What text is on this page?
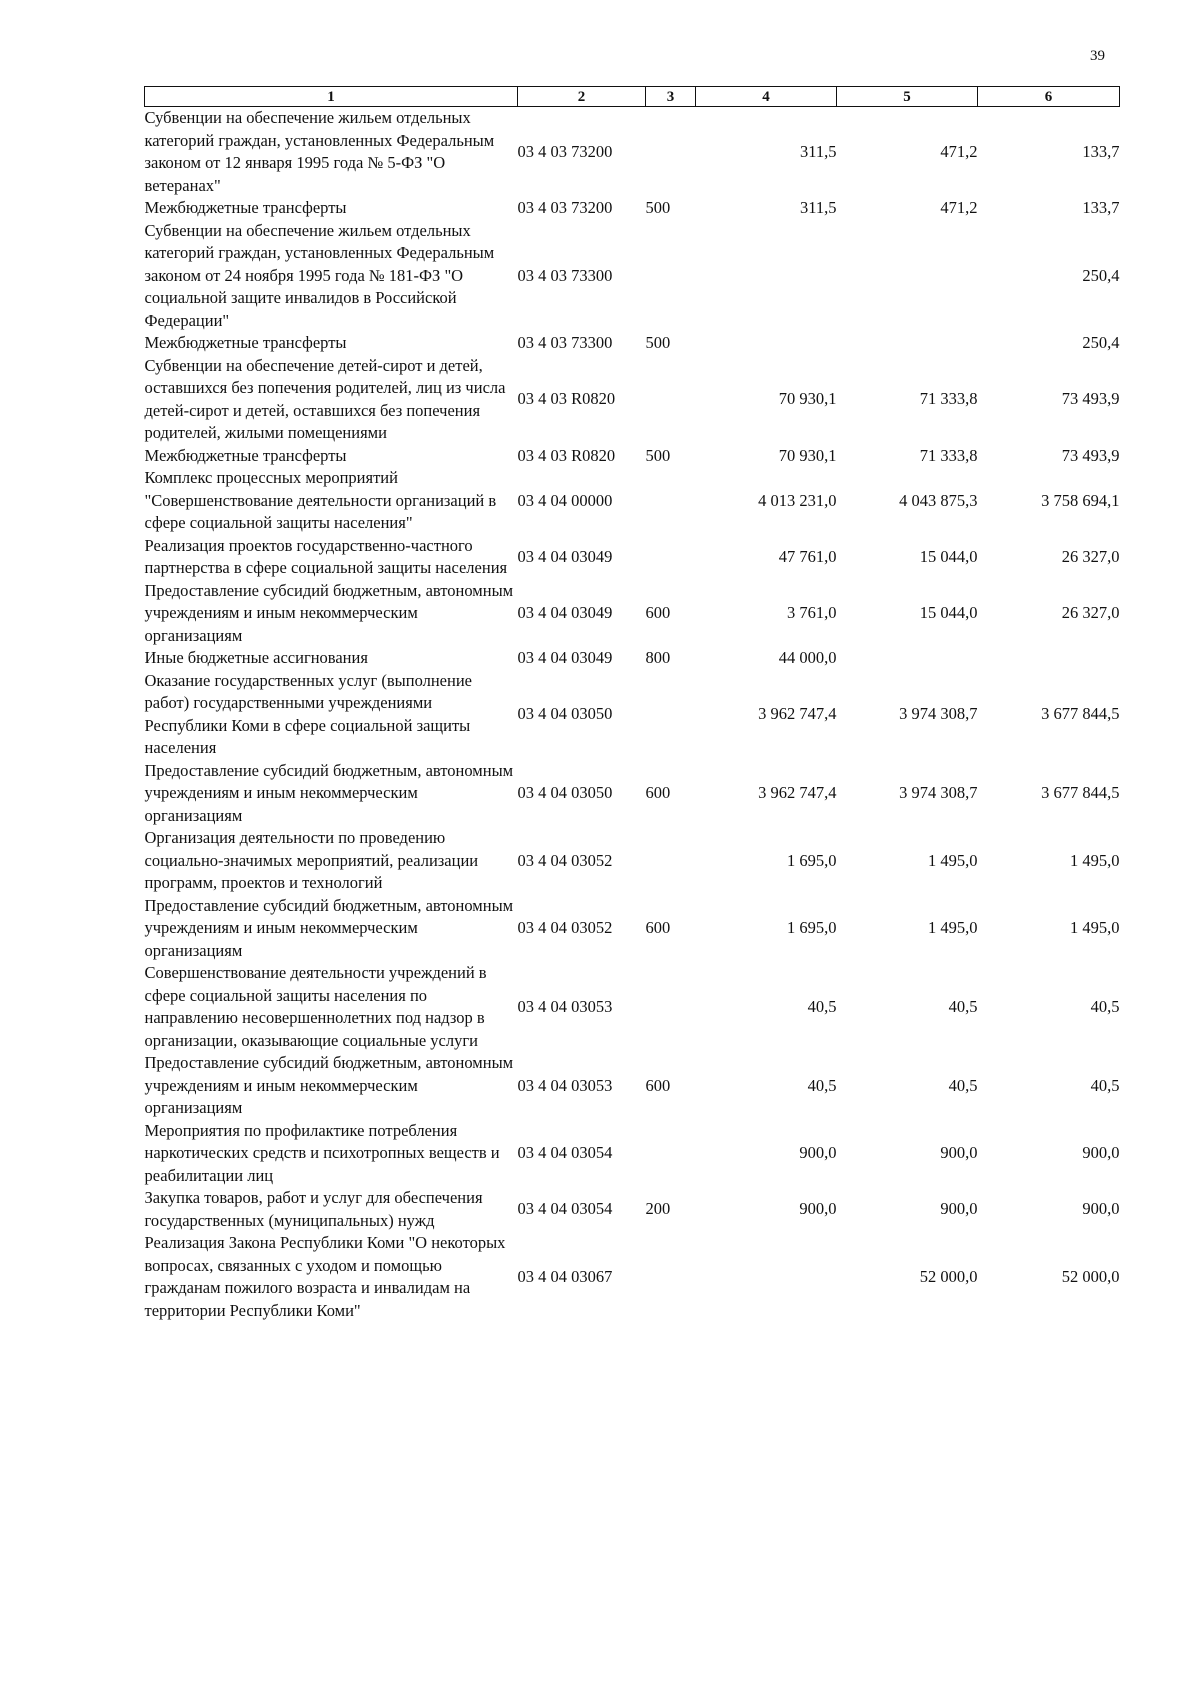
39
1	2	3	4	5	6
Субвенции на обеспечение жильем отдельных категорий граждан, установленных Федеральным законом от 12 января 1995 года № 5-ФЗ "О ветеранах"	03 4 03 73200		311,5	471,2	133,7
Межбюджетные трансферты	03 4 03 73200	500	311,5	471,2	133,7
Субвенции на обеспечение жильем отдельных категорий граждан, установленных Федеральным законом от 24 ноября 1995 года № 181-ФЗ "О социальной защите инвалидов в Российской Федерации"	03 4 03 73300				250,4
Межбюджетные трансферты	03 4 03 73300	500			250,4
Субвенции на обеспечение детей-сирот и детей, оставшихся без попечения родителей, лиц из числа детей-сирот и детей, оставшихся без попечения родителей, жилыми помещениями	03 4 03 R0820		70 930,1	71 333,8	73 493,9
Межбюджетные трансферты	03 4 03 R0820	500	70 930,1	71 333,8	73 493,9
Комплекс процессных мероприятий "Совершенствование деятельности организаций в сфере социальной защиты населения"	03 4 04 00000		4 013 231,0	4 043 875,3	3 758 694,1
Реализация проектов государственно-частного партнерства в сфере социальной защиты населения	03 4 04 03049		47 761,0	15 044,0	26 327,0
Предоставление субсидий бюджетным, автономным учреждениям и иным некоммерческим организациям	03 4 04 03049	600	3 761,0	15 044,0	26 327,0
Иные бюджетные ассигнования	03 4 04 03049	800	44 000,0		
Оказание государственных услуг (выполнение работ) государственными учреждениями Республики Коми в сфере социальной защиты населения	03 4 04 03050		3 962 747,4	3 974 308,7	3 677 844,5
Предоставление субсидий бюджетным, автономным учреждениям и иным некоммерческим организациям	03 4 04 03050	600	3 962 747,4	3 974 308,7	3 677 844,5
Организация деятельности по проведению социально-значимых мероприятий, реализации программ, проектов и технологий	03 4 04 03052		1 695,0	1 495,0	1 495,0
Предоставление субсидий бюджетным, автономным учреждениям и иным некоммерческим организациям	03 4 04 03052	600	1 695,0	1 495,0	1 495,0
Совершенствование деятельности учреждений в сфере социальной защиты населения по направлению несовершеннолетних под надзор в организации, оказывающие социальные услуги	03 4 04 03053		40,5	40,5	40,5
Предоставление субсидий бюджетным, автономным учреждениям и иным некоммерческим организациям	03 4 04 03053	600	40,5	40,5	40,5
Мероприятия по профилактике потребления наркотических средств и психотропных веществ и реабилитации лиц	03 4 04 03054		900,0	900,0	900,0
Закупка товаров, работ и услуг для обеспечения государственных (муниципальных) нужд	03 4 04 03054	200	900,0	900,0	900,0
Реализация Закона Республики Коми "О некоторых вопросах, связанных с уходом и помощью гражданам пожилого возраста и инвалидам на территории Республики Коми"	03 4 04 03067			52 000,0	52 000,0
